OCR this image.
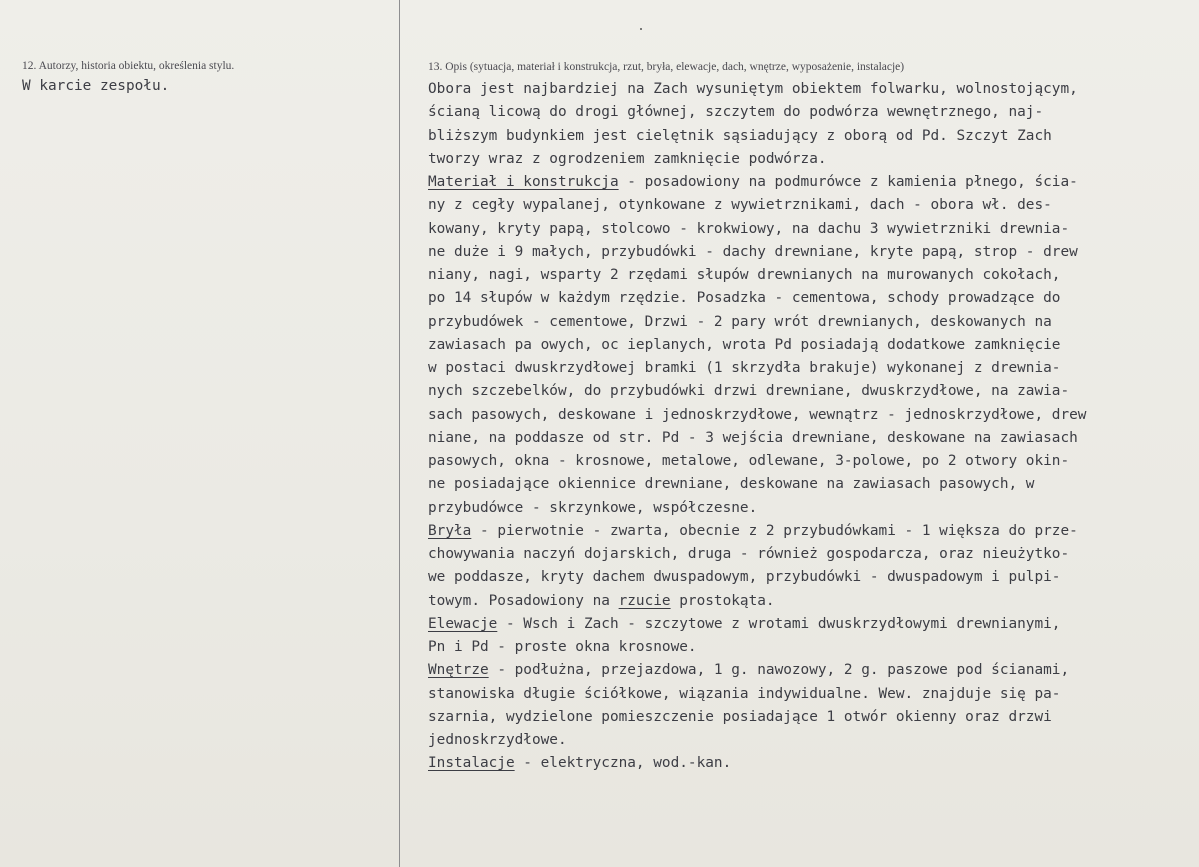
12. Autorzy, historia obiektu, określenia stylu.
W karcie zespołu.
13. Opis (sytuacja, materiał i konstrukcja, rzut, bryła, elewacje, dach, wnętrze, wyposażenie, instalacje)
Obora jest najbardziej na Zach wysuniętym obiektem folwarku, wolnostojącym,
ścianą licową do drogi głównej, szczytem do podwórza wewnętrznego, naj-
bliższym budynkiem jest cielętnik sąsiadujący z oborą od Pd. Szczyt Zach
tworzy wraz z ogrodzeniem zamknięcie podwórza.
Materiał i konstrukcja - posadowiony na podmurówce z kamienia płnego, ścia-
ny z cegły wypalanej, otynkowane z wywietrznikami, dach - obora wł. des-
kowany, kryty papą, stolcowo - krokwiowy, na dachu 3 wywietrzniki drewnia-
ne duże i 9 małych, przybudówki - dachy drewniane, kryte papą, strop - drew
niany, nagi, wsparty 2 rzędami słupów drewnianych na murowanych cokołach,
po 14 słupów w każdym rzędzie. Posadzka - cementowa, schody prowadzące do
przybudówek - cementowe, Drzwi - 2 pary wrót drewnianych, deskowanych na
zawiasach pa owych, oc ieplanych, wrota Pd posiadają dodatkowe zamknięcie
w postaci dwuskrzydłowej bramki (1 skrzydła brakuje) wykonanej z drewnia-
nych szczebelków, do przybudówki drzwi drewniane, dwuskrzydłowe, na zawia-
sach pasowych, deskowane i jednoskrzydłowe, wewnątrz - jednoskrzydłowe, drew
niane, na poddasze od str. Pd - 3 wejścia drewniane, deskowane na zawiasach
pasowych, okna - krosnowe, metalowe, odlewane, 3-polowe, po 2 otwory okin-
ne posiadające okiennice drewniane, deskowane na zawiasach pasowych, w
przybudówce - skrzynkowe, współczesne.
Bryła - pierwotnie - zwarta, obecnie z 2 przybudówkami - 1 większa do prze-
chowywania naczyń dojarskich, druga - również gospodarcza, oraz nieużytko-
we poddasze, kryty dachem dwuspadowym, przybudówki - dwuspadowym i pulpi-
towym. Posadowiony na rzucie prostokąta.
Elewacje - Wsch i Zach - szczytowe z wrotami dwuskrzydłowymi drewnianymi,
Pn i Pd - proste okna krosnowe.
Wnętrze - podłużna, przejazdowa, 1 g. nawozowy, 2 g. paszowe pod ścianami,
stanowiska długie ściółkowe, wiązania indywidualne. Wew. znajduje się pa-
szarnia, wydzielone pomieszczenie posiadające 1 otwór okienny oraz drzwi
jednoskrzydłowe.
Instalacje - elektryczna, wod.-kan.
